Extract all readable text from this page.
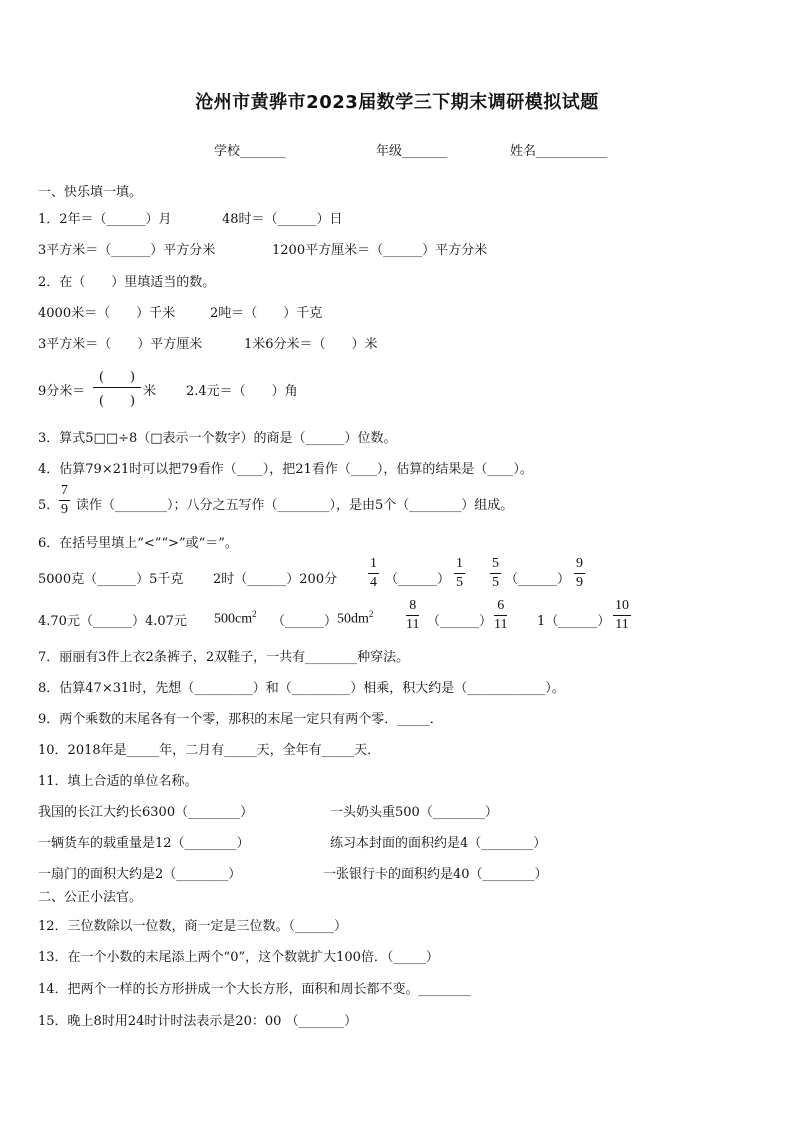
沧州市黄骅市2023届数学三下期末调研模拟试题
学校_______	年级_______	姓名___________
一、快乐填一填。
1．2年＝（______）月	48时＝（______）日
3平方米＝（______）平方分米	1200平方厘米＝（______）平方分米
2．在（　　）里填适当的数。
4000米＝（　　）千米	2吨＝（　　）千克
3平方米＝（　　）平方厘米	1米6分米＝（　　）米
9分米＝
(　　)
(　　)
米 2.4元＝（　　）角
3．算式5□□÷8（□表示一个数字）的商是（______）位数。
4．估算79×21时可以把79看作（____），把21看作（____），估算的结果是（____）。
5． $\frac{7}{9}$ 读作（________）；八分之五写作（________），是由5个（________）组成。
6．在括号里填上“<”“>”或“＝”。
5000克（______）5千克 2时（______）200分 $\frac{1}{4}$ （______） $\frac{1}{5} \frac{5}{5}$ （______） $\frac{9}{9}$
4.70元（______）4.07元 $500cm^2$ （______） $50dm^2 \frac{8}{11}$ （______） $\frac{6}{11}$ 1（______） $\frac{10}{11}$
7．丽丽有3件上衣2条裤子，2双鞋子，一共有________种穿法。
8．估算47×31时，先想（_________）和（_________）相乘，积大约是（____________）。
9．两个乘数的末尾各有一个零，那积的末尾一定只有两个零．_____．
10．2018年是_____年，二月有_____天，全年有_____天．
11．填上合适的单位名称。
我国的长江大约长6300（________）	一头奶头重500（________）
一辆货车的载重量是12（________）	练习本封面的面积约是4（________）
一扇门的面积大约是2（________）	一张银行卡的面积约是40（________）
二、公正小法官。
12．三位数除以一位数，商一定是三位数。（______）
13．在一个小数的末尾添上两个“0”，这个数就扩大100倍．（_____）
14．把两个一样的长方形拼成一个大长方形，面积和周长都不变。________
15．晚上8时用24时计时法表示是20：00 （_______）
